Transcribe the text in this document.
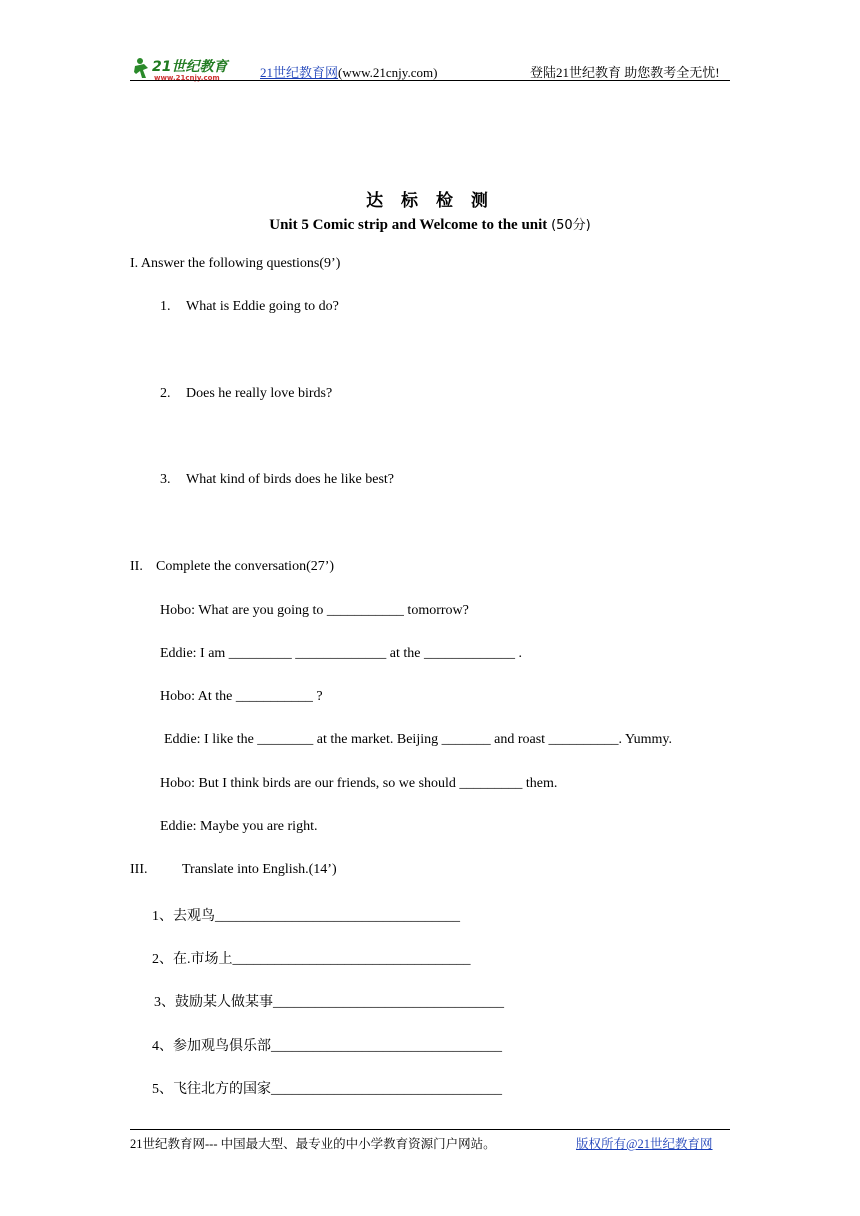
21世纪教育
www.21cnjy.com	21世纪教育网(www.21cnjy.com)	登陆21世纪教育 助您教考全无忧!
达 标 检 测
Unit 5 Comic strip and Welcome to the unit (50分)
I. Answer the following questions(9’)
1. What is Eddie going to do?
2. Does he really love birds?
3. What kind of birds does he like best?
II. Complete the conversation(27’)
Hobo: What are you going to ___________ tomorrow?
Eddie: I am _________ _____________ at the _____________ .
Hobo: At the ___________ ?
Eddie: I like the ________ at the market. Beijing _______ and roast __________. Yummy.
Hobo: But I think birds are our friends, so we should _________ them.
Eddie: Maybe you are right.
III. Translate into English.(14’)
1、去观鸟___________________________________
2、在.市场上__________________________________
3、鼓励某人做某事_________________________________
4、参加观鸟俱乐部_________________________________
5、飞往北方的国家_________________________________
21世纪教育网--- 中国最大型、最专业的中小学教育资源门户网站。	版权所有@21世纪教育网
